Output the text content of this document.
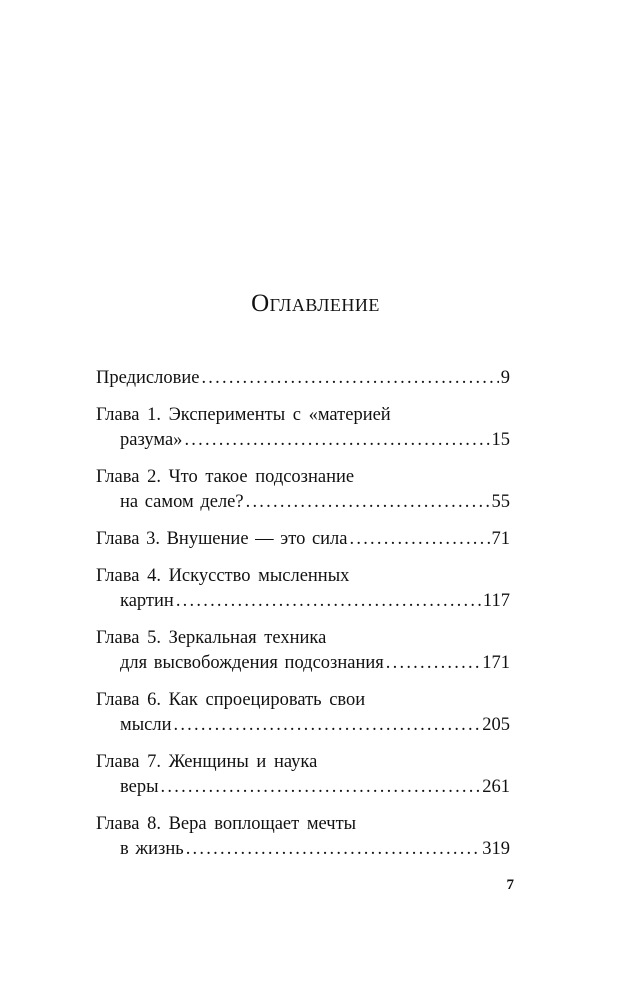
Оглавление
Предисловие . . .	9
Глава 1. Эксперименты с «материей
разума» . . .	15
Глава 2. Что такое подсознание
на самом деле? . . .	55
Глава 3. Внушение — это сила . . .	71
Глава 4. Искусство мысленных
картин . . .	117
Глава 5. Зеркальная техника
для высвобождения подсознания . . .	171
Глава 6. Как спроецировать свои
мысли . . .	205
Глава 7. Женщины и наука
веры . . .	261
Глава 8. Вера воплощает мечты
в жизнь . . .	319
7
